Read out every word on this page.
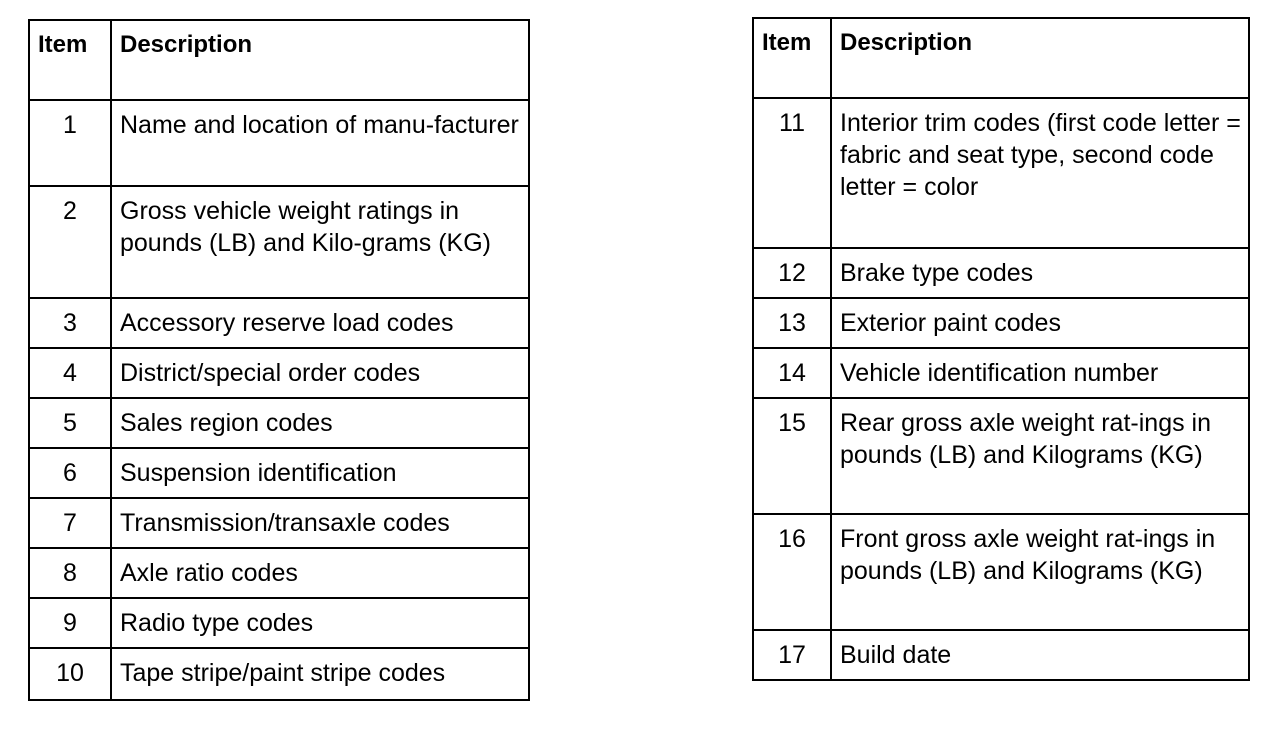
Item	Description
1	Name and location of manu-facturer
2	Gross vehicle weight ratings in pounds (LB) and Kilo-grams (KG)
3	Accessory reserve load codes
4	District/special order codes
5	Sales region codes
6	Suspension identification
7	Transmission/transaxle codes
8	Axle ratio codes
9	Radio type codes
10	Tape stripe/paint stripe codes
Item	Description
11	Interior trim codes (first code letter = fabric and seat type, second code letter = color
12	Brake type codes
13	Exterior paint codes
14	Vehicle identification number
15	Rear gross axle weight rat-ings in pounds (LB) and Kilograms (KG)
16	Front gross axle weight rat-ings in pounds (LB) and Kilograms (KG)
17	Build date
